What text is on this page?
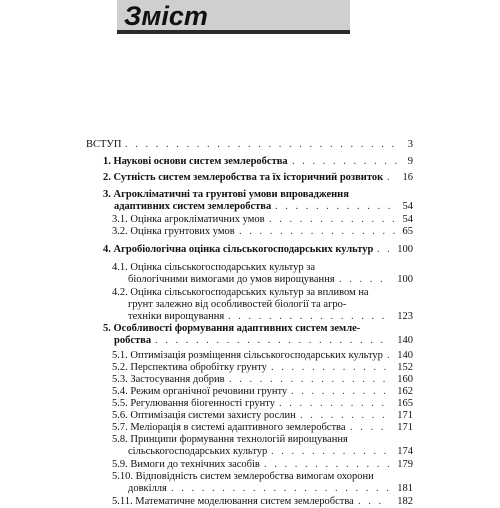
Зміст
ВСТУП . . .	3
1. Наукові основи систем землеробства . . .	9
2. Сутність систем землеробства та їх історичний розвиток . . .	16
3. Агрокліматичні та грунтові умови впровадження
адаптивних систем землеробства . . .	54
3.1. Оцінка агрокліматичних умов . . .	54
3.2. Оцінка грунтових умов . . .	65
4. Агробіологічна оцінка сільськогосподарських культур . . .	100
4.1. Оцінка сільськогосподарських культур за
біологічними вимогами до умов вирощування . . .	100
4.2. Оцінка сільськогосподарських культур за впливом на
грунт залежно від особливостей біології та агро-
техніки вирощування . . .	123
5. Особливості формування адаптивних систем земле-
робства . . .	140
5.1. Оптимізація розміщення сільськогосподарських культур . . .	140
5.2. Перспектива обробітку грунту . . .	152
5.3. Застосування добрив . . .	160
5.4. Режим органічної речовини грунту . . .	162
5.5. Регулювання біогенності грунту . . .	165
5.6. Оптимізація системи захисту рослин . . .	171
5.7. Меліорація в системі адаптивного землеробства . . .	171
5.8. Принципи формування технологій вирощування
сільськогосподарських культур . . .	174
5.9. Вимоги до технічних засобів . . .	179
5.10. Відповідність систем землеробства вимогам охорони
довкілля . . .	181
5.11. Математичне моделювання систем землеробства . . .	182
